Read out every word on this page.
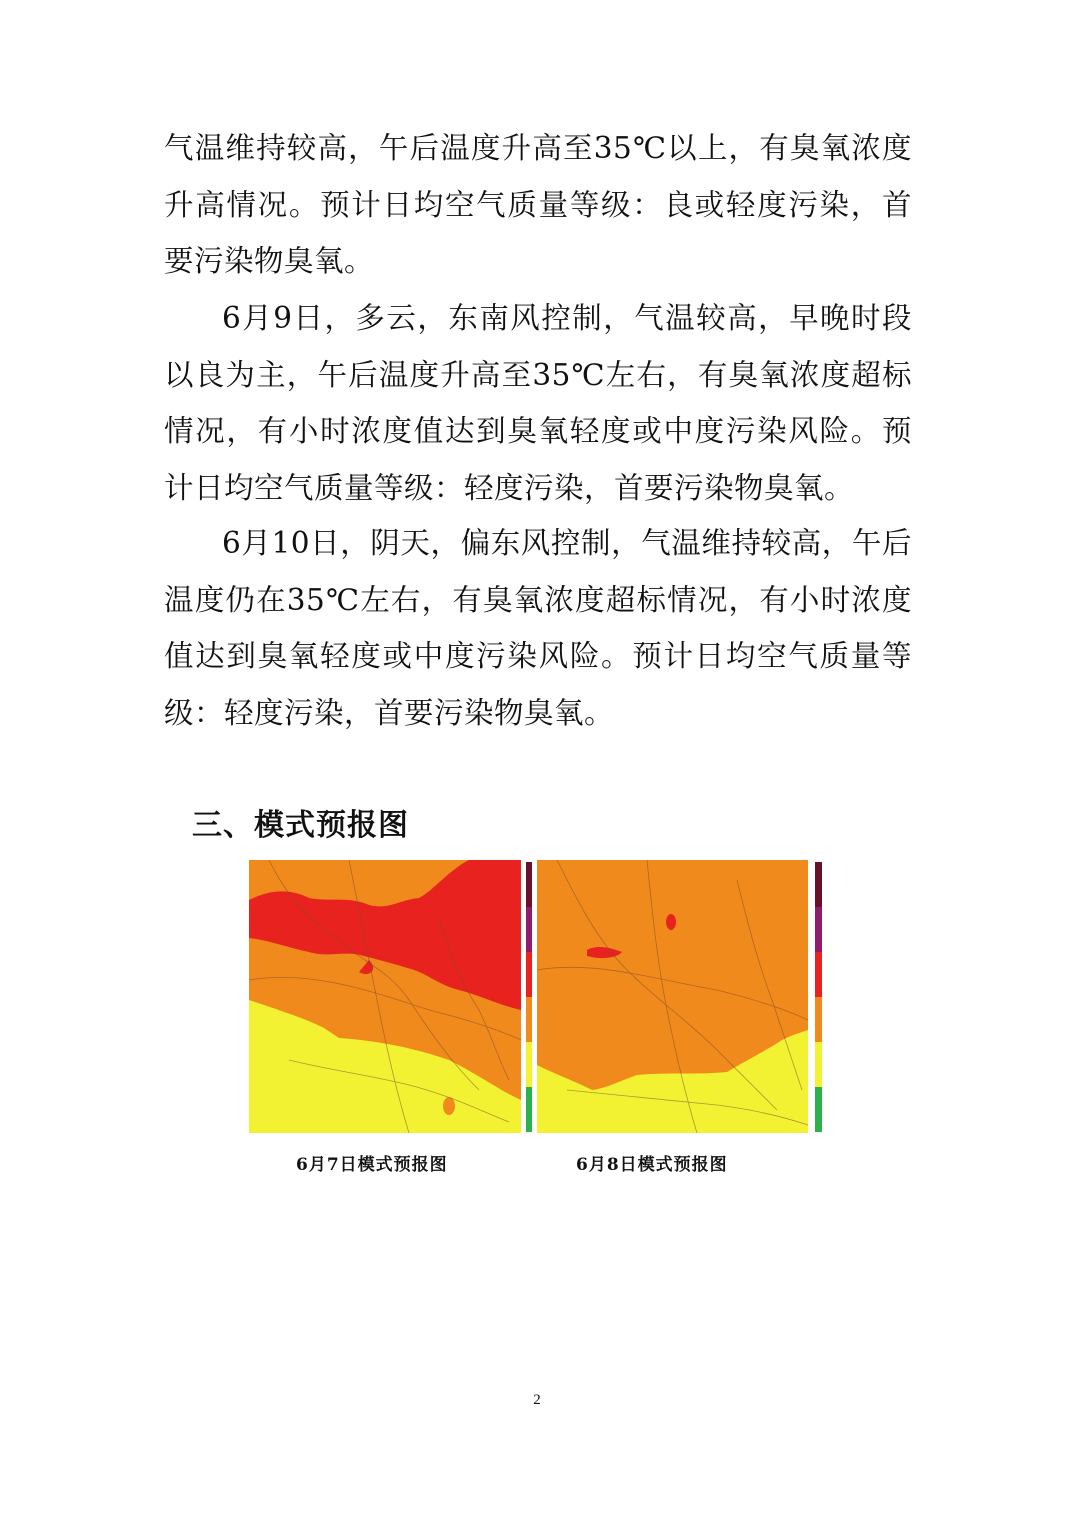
气温维持较高，午后温度升高至35℃以上，有臭氧浓度升高情况。预计日均空气质量等级：良或轻度污染，首要污染物臭氧。

6月9日，多云，东南风控制，气温较高，早晚时段以良为主，午后温度升高至35℃左右，有臭氧浓度超标情况，有小时浓度值达到臭氧轻度或中度污染风险。预计日均空气质量等级：轻度污染，首要污染物臭氧。

6月10日，阴天，偏东风控制，气温维持较高，午后温度仍在35℃左右，有臭氧浓度超标情况，有小时浓度值达到臭氧轻度或中度污染风险。预计日均空气质量等级：轻度污染，首要污染物臭氧。

三、模式预报图
6月7日模式预报图	6月8日模式预报图
2
